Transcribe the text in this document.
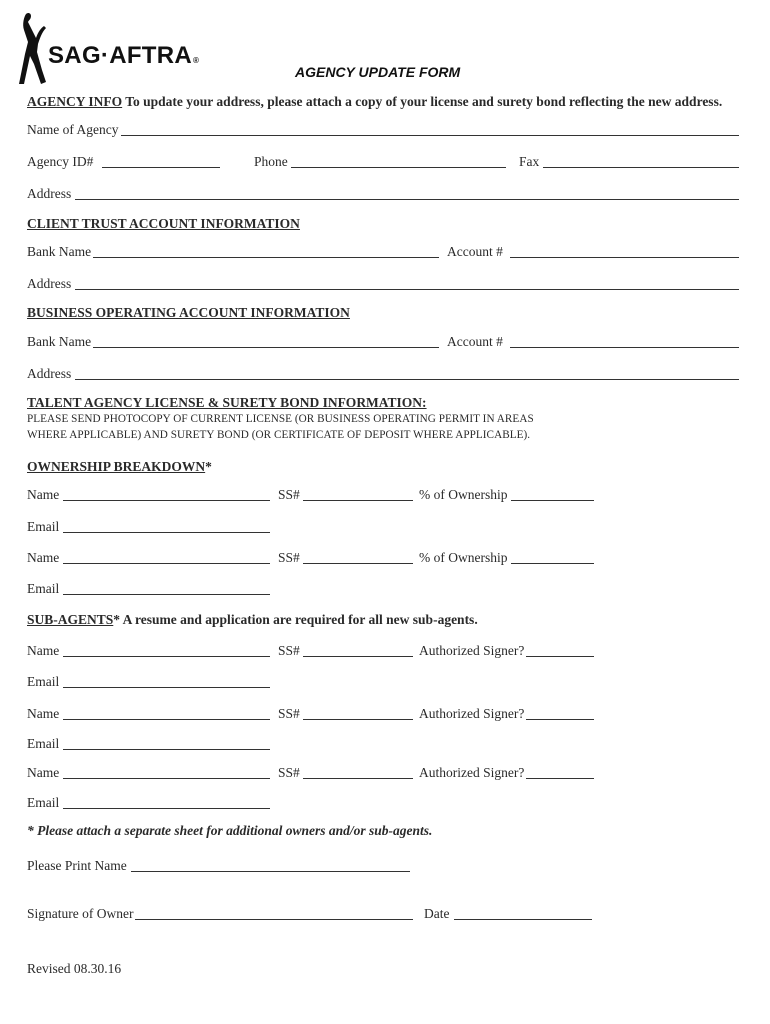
SAG·AFTRA®
AGENCY UPDATE FORM
AGENCY INFO To update your address, please attach a copy of your license and surety bond reflecting the new address.
Name of Agency
Agency ID#	Phone	Fax
Address
CLIENT TRUST ACCOUNT INFORMATION
Bank Name	Account #
Address
BUSINESS OPERATING ACCOUNT INFORMATION
Bank Name	Account #
Address
TALENT AGENCY LICENSE & SURETY BOND INFORMATION:
PLEASE SEND PHOTOCOPY OF CURRENT LICENSE (OR BUSINESS OPERATING PERMIT IN AREAS
WHERE APPLICABLE) AND SURETY BOND (OR CERTIFICATE OF DEPOSIT WHERE APPLICABLE).
OWNERSHIP BREAKDOWN*
Name	SS#	% of Ownership
Email
Name	SS#	% of Ownership
Email
SUB-AGENTS* A resume and application are required for all new sub-agents.
Name	SS#	Authorized Signer?
Email
Name	SS#	Authorized Signer?
Email
Name	SS#	Authorized Signer?
Email
* Please attach a separate sheet for additional owners and/or sub-agents.
Please Print Name
Signature of Owner	Date
Revised 08.30.16
